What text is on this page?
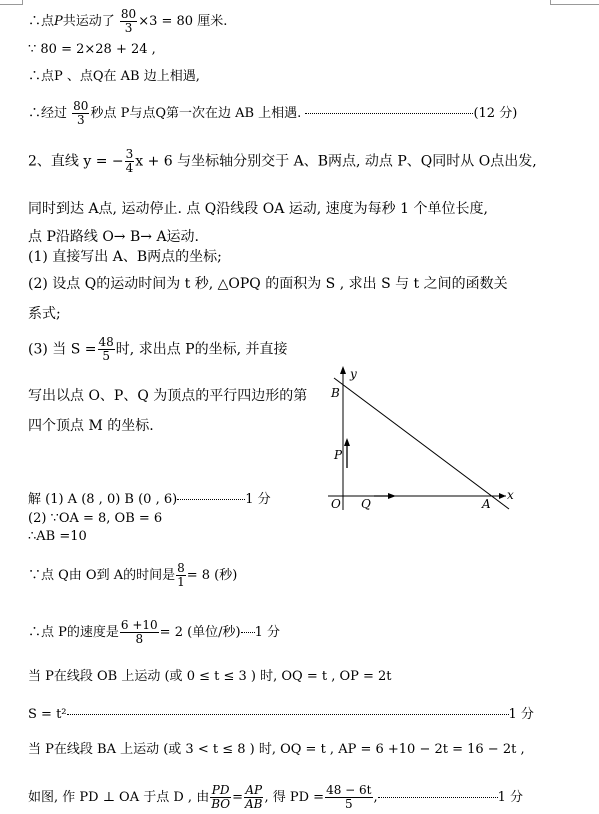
∴点P共运动了 $\frac{80}{3} \times 3 = 80$ 厘米.
∵ 80 = 2×28 + 24 ,
∴点P 、点Q在 AB 边上相遇,
∴经过 $\frac{80}{3}$ 秒点 P与点Q第一次在边 AB 上相遇.	(12 分)
2、直线 y = − $\frac{3}{4}$ x + 6 与坐标轴分别交于 A、B两点, 动点 P、Q同时从 O点出发,
同时到达 A点, 运动停止. 点 Q沿线段 OA 运动, 速度为每秒 1 个单位长度,
点 P沿路线 O→ B→ A运动.
(1) 直接写出 A、B两点的坐标;
(2) 设点 Q的运动时间为 t 秒, △OPQ 的面积为 S , 求出 S 与 t 之间的函数关
系式;
(3) 当 $S = \frac{48}{5}$ 时, 求出点 P的坐标, 并直接
写出以点 O、P、Q 为顶点的平行四边形的第
四个顶点 M 的坐标.
y
x
B
P
O Q	A
解 (1) A (8 , 0) B (0 , 6)	1 分
(2) ∵OA = 8, OB = 6
∴AB =10
∵点 Q由 O到 A的时间是 $\frac{8}{1} = 8$ (秒)
∴点 P的速度是 $\frac{6 +10}{8} = 2$ (单位/秒) 1 分
当 P在线段 OB 上运动 (或 0 ≤ t ≤ 3 ) 时, OQ = t , OP = 2t
S = t²	1 分
当 P在线段 BA 上运动 (或 3 < t ≤ 8 ) 时, OQ = t , AP = 6 +10 − 2t = 16 − 2t ,
如图, 作 PD ⊥ OA 于点 D , 由 $\frac{PD}{BO} = \frac{AP}{AB}$ , 得 PD = $\frac{48 - 6t}{5}$ ,	1 分
